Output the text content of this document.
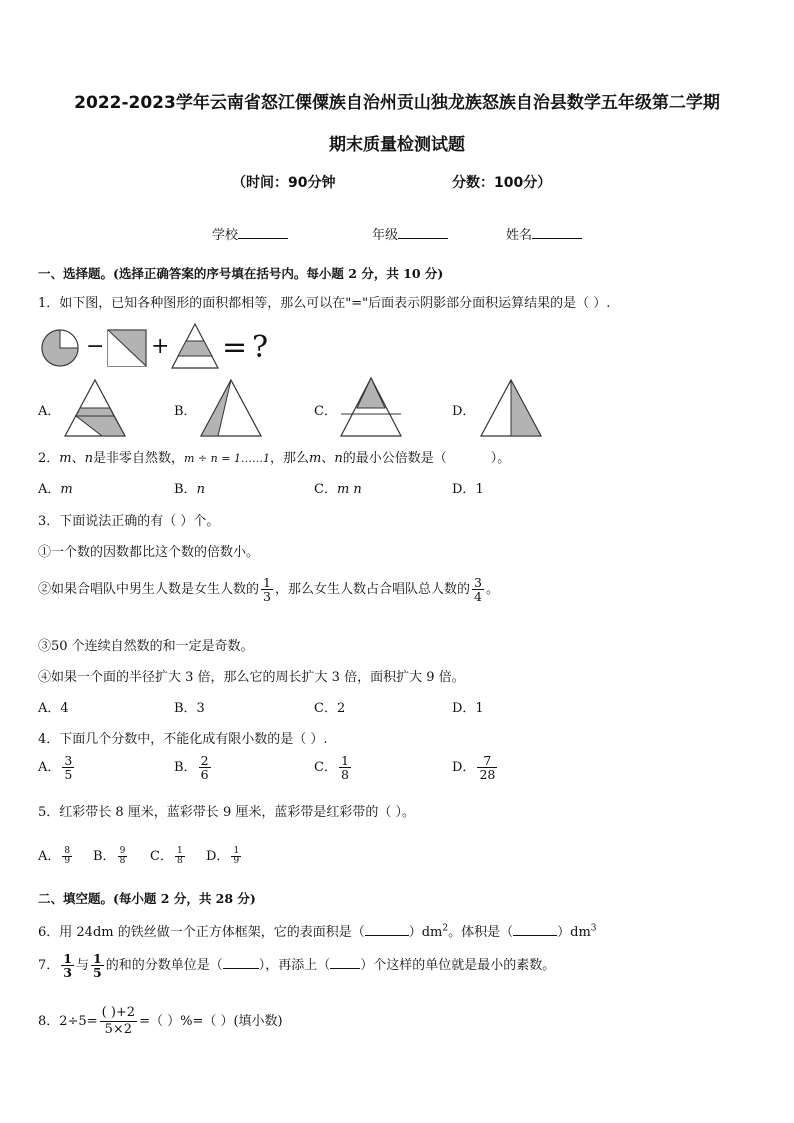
2022-2023学年云南省怒江傈僳族自治州贡山独龙族怒族自治县数学五年级第二学期
期末质量检测试题
（时间：90分钟	分数：100分）
学校	年级	姓名
一、选择题。(选择正确答案的序号填在括号内。每小题 2 分，共 10 分)
1．如下图，已知各种图形的面积都相等，那么可以在"="后面表示阴影部分面积运算结果的是（ ）.
− + = ?
A．	B．	C．	D．
2．m、n是非零自然数，m ÷ n = 1……1，那么m、n的最小公倍数是（	）。
A．m	B．n	C．m n	D．1
3．下面说法正确的有（ ）个。
①一个数的因数都比这个数的倍数小。
②如果合唱队中男生人数是女生人数的 $\frac{1}{3}$ ，那么女生人数占合唱队总人数的 $\frac{3}{4}$ 。
③50 个连续自然数的和一定是奇数。
④如果一个面的半径扩大 3 倍，那么它的周长扩大 3 倍，面积扩大 9 倍。
A．4	B．3	C．2	D．1
4．下面几个分数中，不能化成有限小数的是（ ）.
A． $\frac{3}{5}$	B． $\frac{2}{6}$	C． $\frac{1}{8}$	D． $\frac{7}{28}$
5．红彩带长 8 厘米，蓝彩带长 9 厘米，蓝彩带是红彩带的（ ）。
A． $\frac{8}{9}$ B． $\frac{9}{8}$ C． $\frac{1}{8}$ D． $\frac{1}{9}$
二、填空题。(每小题 2 分，共 28 分)
6．用 24dm 的铁丝做一个正方体框架，它的表面积是（	）$dm^2$。体积是（	）$dm^3$
7． $\frac{1}{3}$ 与 $\frac{1}{5}$ 的和的分数单位是（	），再添上（ ）个这样的单位就是最小的素数。
8．$2\div 5= \frac{( )+2}{5\times 2}$ =（ ）%=（ ）(填小数)
